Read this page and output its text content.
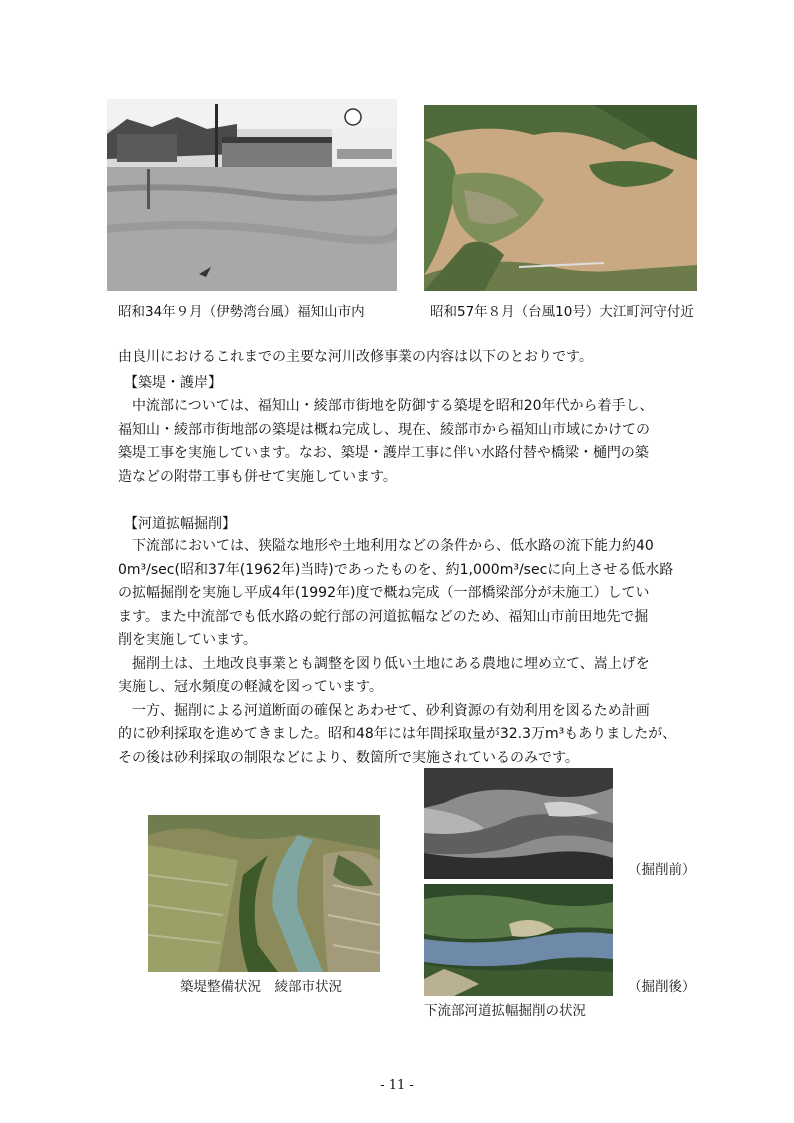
昭和34年９月（伊勢湾台風）福知山市内	昭和57年８月（台風10号）大江町河守付近
由良川におけるこれまでの主要な河川改修事業の内容は以下のとおりです。
【築堤・護岸】
　中流部については、福知山・綾部市街地を防御する築堤を昭和20年代から着手し、
福知山・綾部市街地部の築堤は概ね完成し、現在、綾部市から福知山市域にかけての
築堤工事を実施しています。なお、築堤・護岸工事に伴い水路付替や橋梁・樋門の築
造などの附帯工事も併せて実施しています。
【河道拡幅掘削】
　下流部においては、狭隘な地形や土地利用などの条件から、低水路の流下能力約40
0m³/sec(昭和37年(1962年)当時)であったものを、約1,000m³/secに向上させる低水路
の拡幅掘削を実施し平成4年(1992年)度で概ね完成（一部橋梁部分が未施工）してい
ます。また中流部でも低水路の蛇行部の河道拡幅などのため、福知山市前田地先で掘
削を実施しています。
　掘削土は、土地改良事業とも調整を図り低い土地にある農地に埋め立て、嵩上げを
実施し、冠水頻度の軽減を図っています。
　一方、掘削による河道断面の確保とあわせて、砂利資源の有効利用を図るため計画
的に砂利採取を進めてきました。昭和48年には年間採取量が32.3万m³もありましたが、
その後は砂利採取の制限などにより、数箇所で実施されているのみです。
築堤整備状況　綾部市状況
（掘削前）
（掘削後）
下流部河道拡幅掘削の状況
- 11 -
